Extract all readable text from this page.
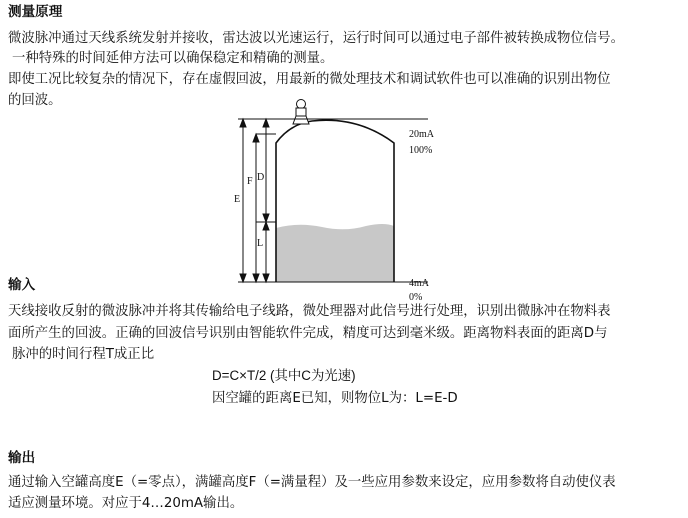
测量原理
微波脉冲通过天线系统发射并接收，雷达波以光速运行，运行时间可以通过电子部件被转换成物位信号。
一种特殊的时间延伸方法可以确保稳定和精确的测量。
即使工况比较复杂的情况下，存在虚假回波，用最新的微处理技术和调试软件也可以准确的识别出物位
的回波。
E
F D
L
20mA
100%
4mA
0%
输入
天线接收反射的微波脉冲并将其传输给电子线路，微处理器对此信号进行处理，识别出微脉冲在物料表
面所产生的回波。正确的回波信号识别由智能软件完成，精度可达到毫米级。距离物料表面的距离D与
脉冲的时间行程T成正比
D=C×T/2 (其中C为光速)
因空罐的距离E已知，则物位L为：L=E-D
输出
通过输入空罐高度E（=零点），满罐高度F（=满量程）及一些应用参数来设定，应用参数将自动使仪表
适应测量环境。对应于4…20mA输出。
